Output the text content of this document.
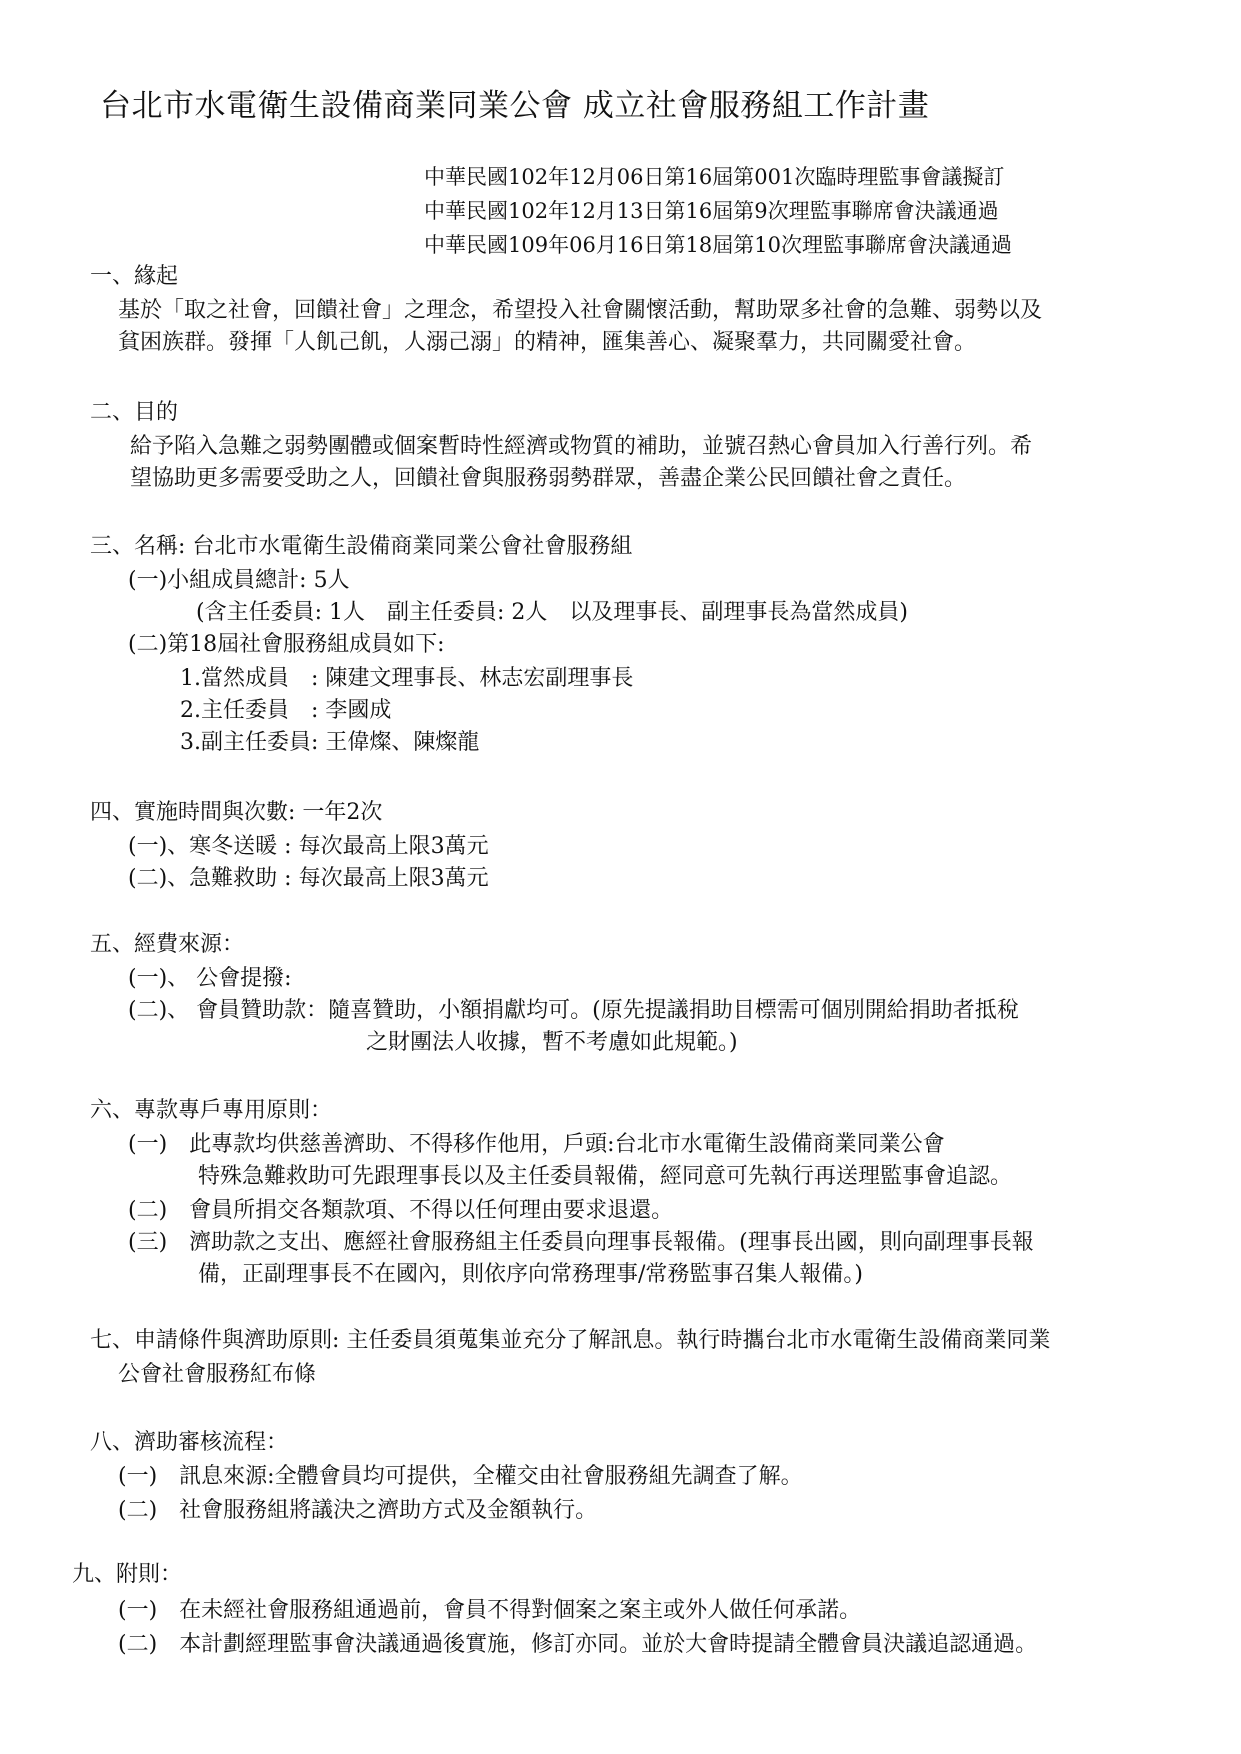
台北市水電衛生設備商業同業公會 成立社會服務組工作計畫
中華民國102年12月06日第16屆第001次臨時理監事會議擬訂
中華民國102年12月13日第16屆第9次理監事聯席會決議通過
中華民國109年06月16日第18屆第10次理監事聯席會決議通過
一、緣起
基於「取之社會，回饋社會」之理念，希望投入社會關懷活動，幫助眾多社會的急難、弱勢以及
貧困族群。發揮「人飢己飢，人溺己溺」的精神，匯集善心、凝聚羣力，共同關愛社會。
二、目的
給予陷入急難之弱勢團體或個案暫時性經濟或物質的補助，並號召熱心會員加入行善行列。希
望協助更多需要受助之人，回饋社會與服務弱勢群眾，善盡企業公民回饋社會之責任。
三、名稱: 台北市水電衛生設備商業同業公會社會服務組
(一)小組成員總計: 5人
(含主任委員: 1人　副主任委員: 2人　以及理事長、副理事長為當然成員)
(二)第18屆社會服務組成員如下:
1.當然成員　: 陳建文理事長、林志宏副理事長
2.主任委員　: 李國成
3.副主任委員: 王偉燦、陳燦龍
四、實施時間與次數: 一年2次
(一)、寒冬送暖 : 每次最高上限3萬元
(二)、急難救助 : 每次最高上限3萬元
五、經費來源：
(一)、 公會提撥:
(二)、 會員贊助款：隨喜贊助，小額捐獻均可。(原先提議捐助目標需可個別開給捐助者抵稅
之財團法人收據，暫不考慮如此規範。)
六、專款專戶專用原則：
(一)　此專款均供慈善濟助、不得移作他用，戶頭:台北市水電衛生設備商業同業公會
特殊急難救助可先跟理事長以及主任委員報備，經同意可先執行再送理監事會追認。
(二)　會員所捐交各類款項、不得以任何理由要求退還。
(三)　濟助款之支出、應經社會服務組主任委員向理事長報備。(理事長出國，則向副理事長報
備，正副理事長不在國內，則依序向常務理事/常務監事召集人報備。)
七、申請條件與濟助原則: 主任委員須蒐集並充分了解訊息。執行時攜台北市水電衛生設備商業同業
公會社會服務紅布條
八、濟助審核流程：
(一)　訊息來源:全體會員均可提供，全權交由社會服務組先調查了解。
(二)　社會服務組將議決之濟助方式及金額執行。
九、附則：
(一)　在未經社會服務組通過前，會員不得對個案之案主或外人做任何承諾。
(二)　本計劃經理監事會決議通過後實施，修訂亦同。並於大會時提請全體會員決議追認通過。
